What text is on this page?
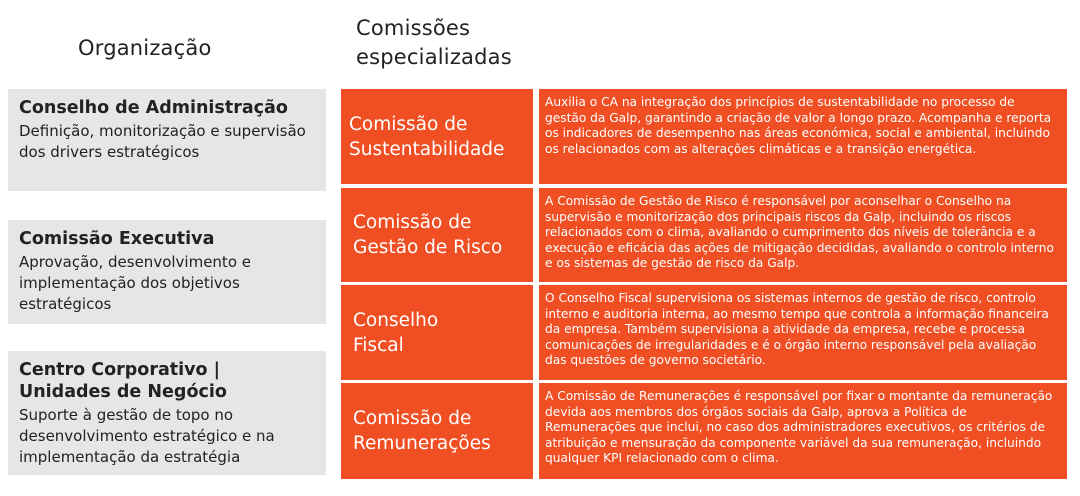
Organização
Comissões
especializadas
Conselho de Administração
Definição, monitorização e supervisão dos drivers estratégicos
Comissão Executiva
Aprovação, desenvolvimento e implementação dos objetivos estratégicos
Centro Corporativo | Unidades de Negócio
Suporte à gestão de topo no desenvolvimento estratégico e na implementação da estratégia
Comissão de Sustentabilidade
Auxilia o CA na integração dos princípios de sustentabilidade no processo de gestão da Galp, garantindo a criação de valor a longo prazo. Acompanha e reporta os indicadores de desempenho nas áreas económica, social e ambiental, incluindo os relacionados com as alterações climáticas e a transição energética.
Comissão de Gestão de Risco
A Comissão de Gestão de Risco é responsável por aconselhar o Conselho na supervisão e monitorização dos principais riscos da Galp, incluindo os riscos relacionados com o clima, avaliando o cumprimento dos níveis de tolerância e a execução e eficácia das ações de mitigação decididas, avaliando o controlo interno e os sistemas de gestão de risco da Galp.
Conselho Fiscal
O Conselho Fiscal supervisiona os sistemas internos de gestão de risco, controlo interno e auditoria interna, ao mesmo tempo que controla a informação financeira da empresa. Também supervisiona a atividade da empresa, recebe e processa comunicações de irregularidades e é o órgão interno responsável pela avaliação das questões de governo societário.
Comissão de Remunerações
A Comissão de Remunerações é responsável por fixar o montante da remuneração devida aos membros dos órgãos sociais da Galp, aprova a Política de Remunerações que inclui, no caso dos administradores executivos, os critérios de atribuição e mensuração da componente variável da sua remuneração, incluindo qualquer KPI relacionado com o clima.
